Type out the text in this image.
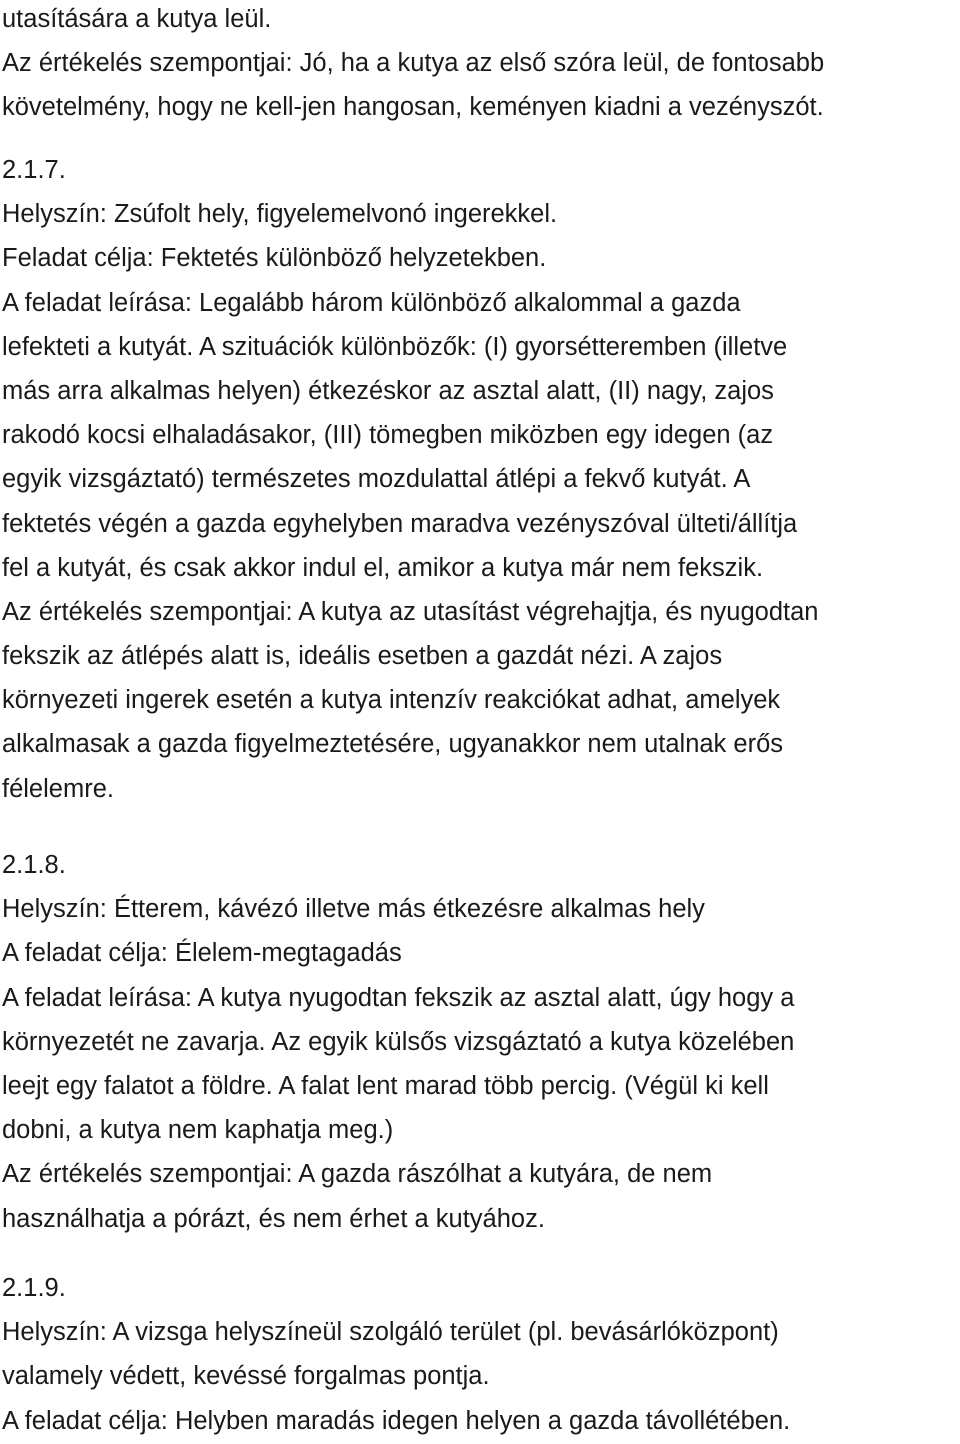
utasítására a kutya leül.
Az értékelés szempontjai: Jó, ha a kutya az első szóra leül, de fontosabb
követelmény, hogy ne kell-jen hangosan, keményen kiadni a vezényszót.
2.1.7.
Helyszín: Zsúfolt hely, figyelemelvonó ingerekkel.
Feladat célja: Fektetés különböző helyzetekben.
A feladat leírása: Legalább három különböző alkalommal a gazda
lefekteti a kutyát. A szituációk különbözők: (I) gyorsétteremben (illetve
más arra alkalmas helyen) étkezéskor az asztal alatt, (II) nagy, zajos
rakodó kocsi elhaladásakor, (III) tömegben miközben egy idegen (az
egyik vizsgáztató) természetes mozdulattal átlépi a fekvő kutyát. A
fektetés végén a gazda egyhelyben maradva vezényszóval ülteti/állítja
fel a kutyát, és csak akkor indul el, amikor a kutya már nem fekszik.
Az értékelés szempontjai: A kutya az utasítást végrehajtja, és nyugodtan
fekszik az átlépés alatt is, ideális esetben a gazdát nézi. A zajos
környezeti ingerek esetén a kutya intenzív reakciókat adhat, amelyek
alkalmasak a gazda figyelmeztetésére, ugyanakkor nem utalnak erős
félelemre.
2.1.8.
Helyszín: Étterem, kávézó illetve más étkezésre alkalmas hely
A feladat célja: Élelem-megtagadás
A feladat leírása: A kutya nyugodtan fekszik az asztal alatt, úgy hogy a
környezetét ne zavarja. Az egyik külsős vizsgáztató a kutya közelében
leejt egy falatot a földre. A falat lent marad több percig. (Végül ki kell
dobni, a kutya nem kaphatja meg.)
Az értékelés szempontjai: A gazda rászólhat a kutyára, de nem
használhatja a pórázt, és nem érhet a kutyához.
2.1.9.
Helyszín: A vizsga helyszíneül szolgáló terület (pl. bevásárlóközpont)
valamely védett, kevéssé forgalmas pontja.
A feladat célja: Helyben maradás idegen helyen a gazda távollétében.
